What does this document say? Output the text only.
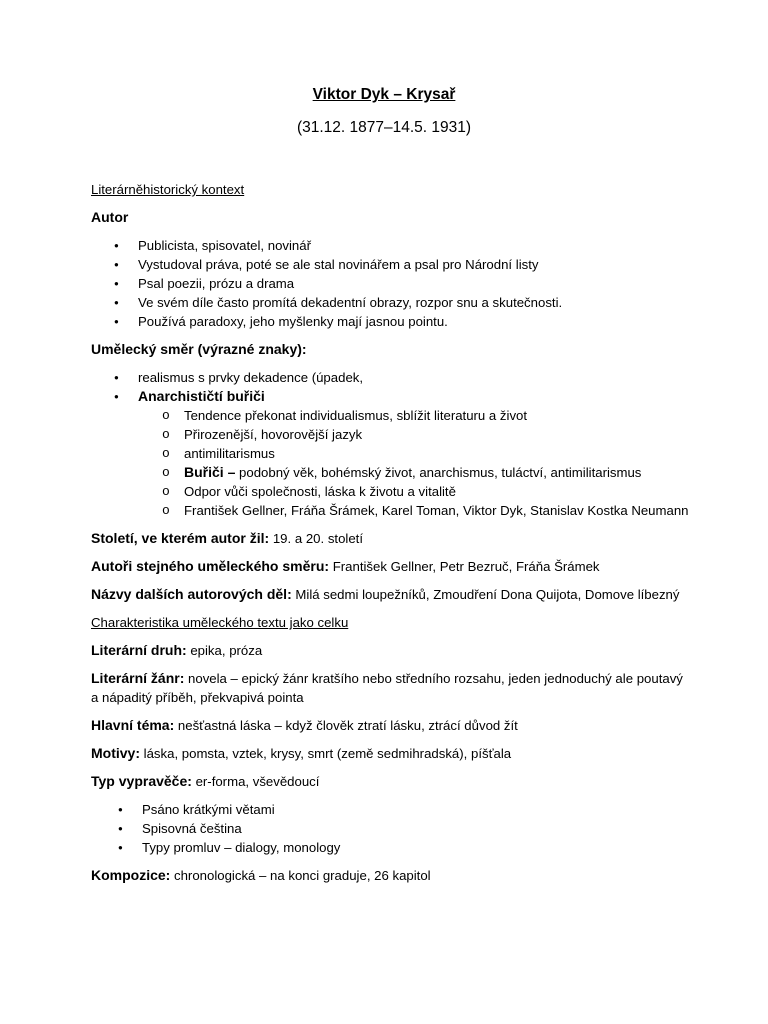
Viktor Dyk – Krysař
(31.12. 1877–14.5. 1931)
Literárněhistorický kontext
Autor
● Publicista, spisovatel, novinář
● Vystudoval práva, poté se ale stal novinářem a psal pro Národní listy
● Psal poezii, prózu a drama
● Ve svém díle často promítá dekadentní obrazy, rozpor snu a skutečnosti.
● Používá paradoxy, jeho myšlenky mají jasnou pointu.
Umělecký směr (výrazné znaky):
● realismus s prvky dekadence (úpadek,
● Anarchističtí buřiči
o Tendence překonat individualismus, sblížit literaturu a život
o Přirozenější, hovorovější jazyk
o antimilitarismus
o Buřiči – podobný věk, bohémský život, anarchismus, tuláctví, antimilitarismus
o Odpor vůči společnosti, láska k životu a vitalitě
o František Gellner, Fráňa Šrámek, Karel Toman, Viktor Dyk, Stanislav Kostka Neumann
Století, ve kterém autor žil: 19. a 20. století
Autoři stejného uměleckého směru: František Gellner, Petr Bezruč, Fráňa Šrámek
Názvy dalších autorových děl: Milá sedmi loupežníků, Zmoudření Dona Quijota, Domove líbezný
Charakteristika uměleckého textu jako celku
Literární druh: epika, próza
Literární žánr: novela – epický žánr kratšího nebo středního rozsahu, jeden jednoduchý ale poutavý a nápaditý příběh, překvapivá pointa
Hlavní téma: nešťastná láska – když člověk ztratí lásku, ztrácí důvod žít
Motivy: láska, pomsta, vztek, krysy, smrt (země sedmihradská), píšťala
Typ vypravěče: er-forma, vševědoucí
● Psáno krátkými větami
● Spisovná čeština
● Typy promluv – dialogy, monology
Kompozice: chronologická – na konci graduje, 26 kapitol
